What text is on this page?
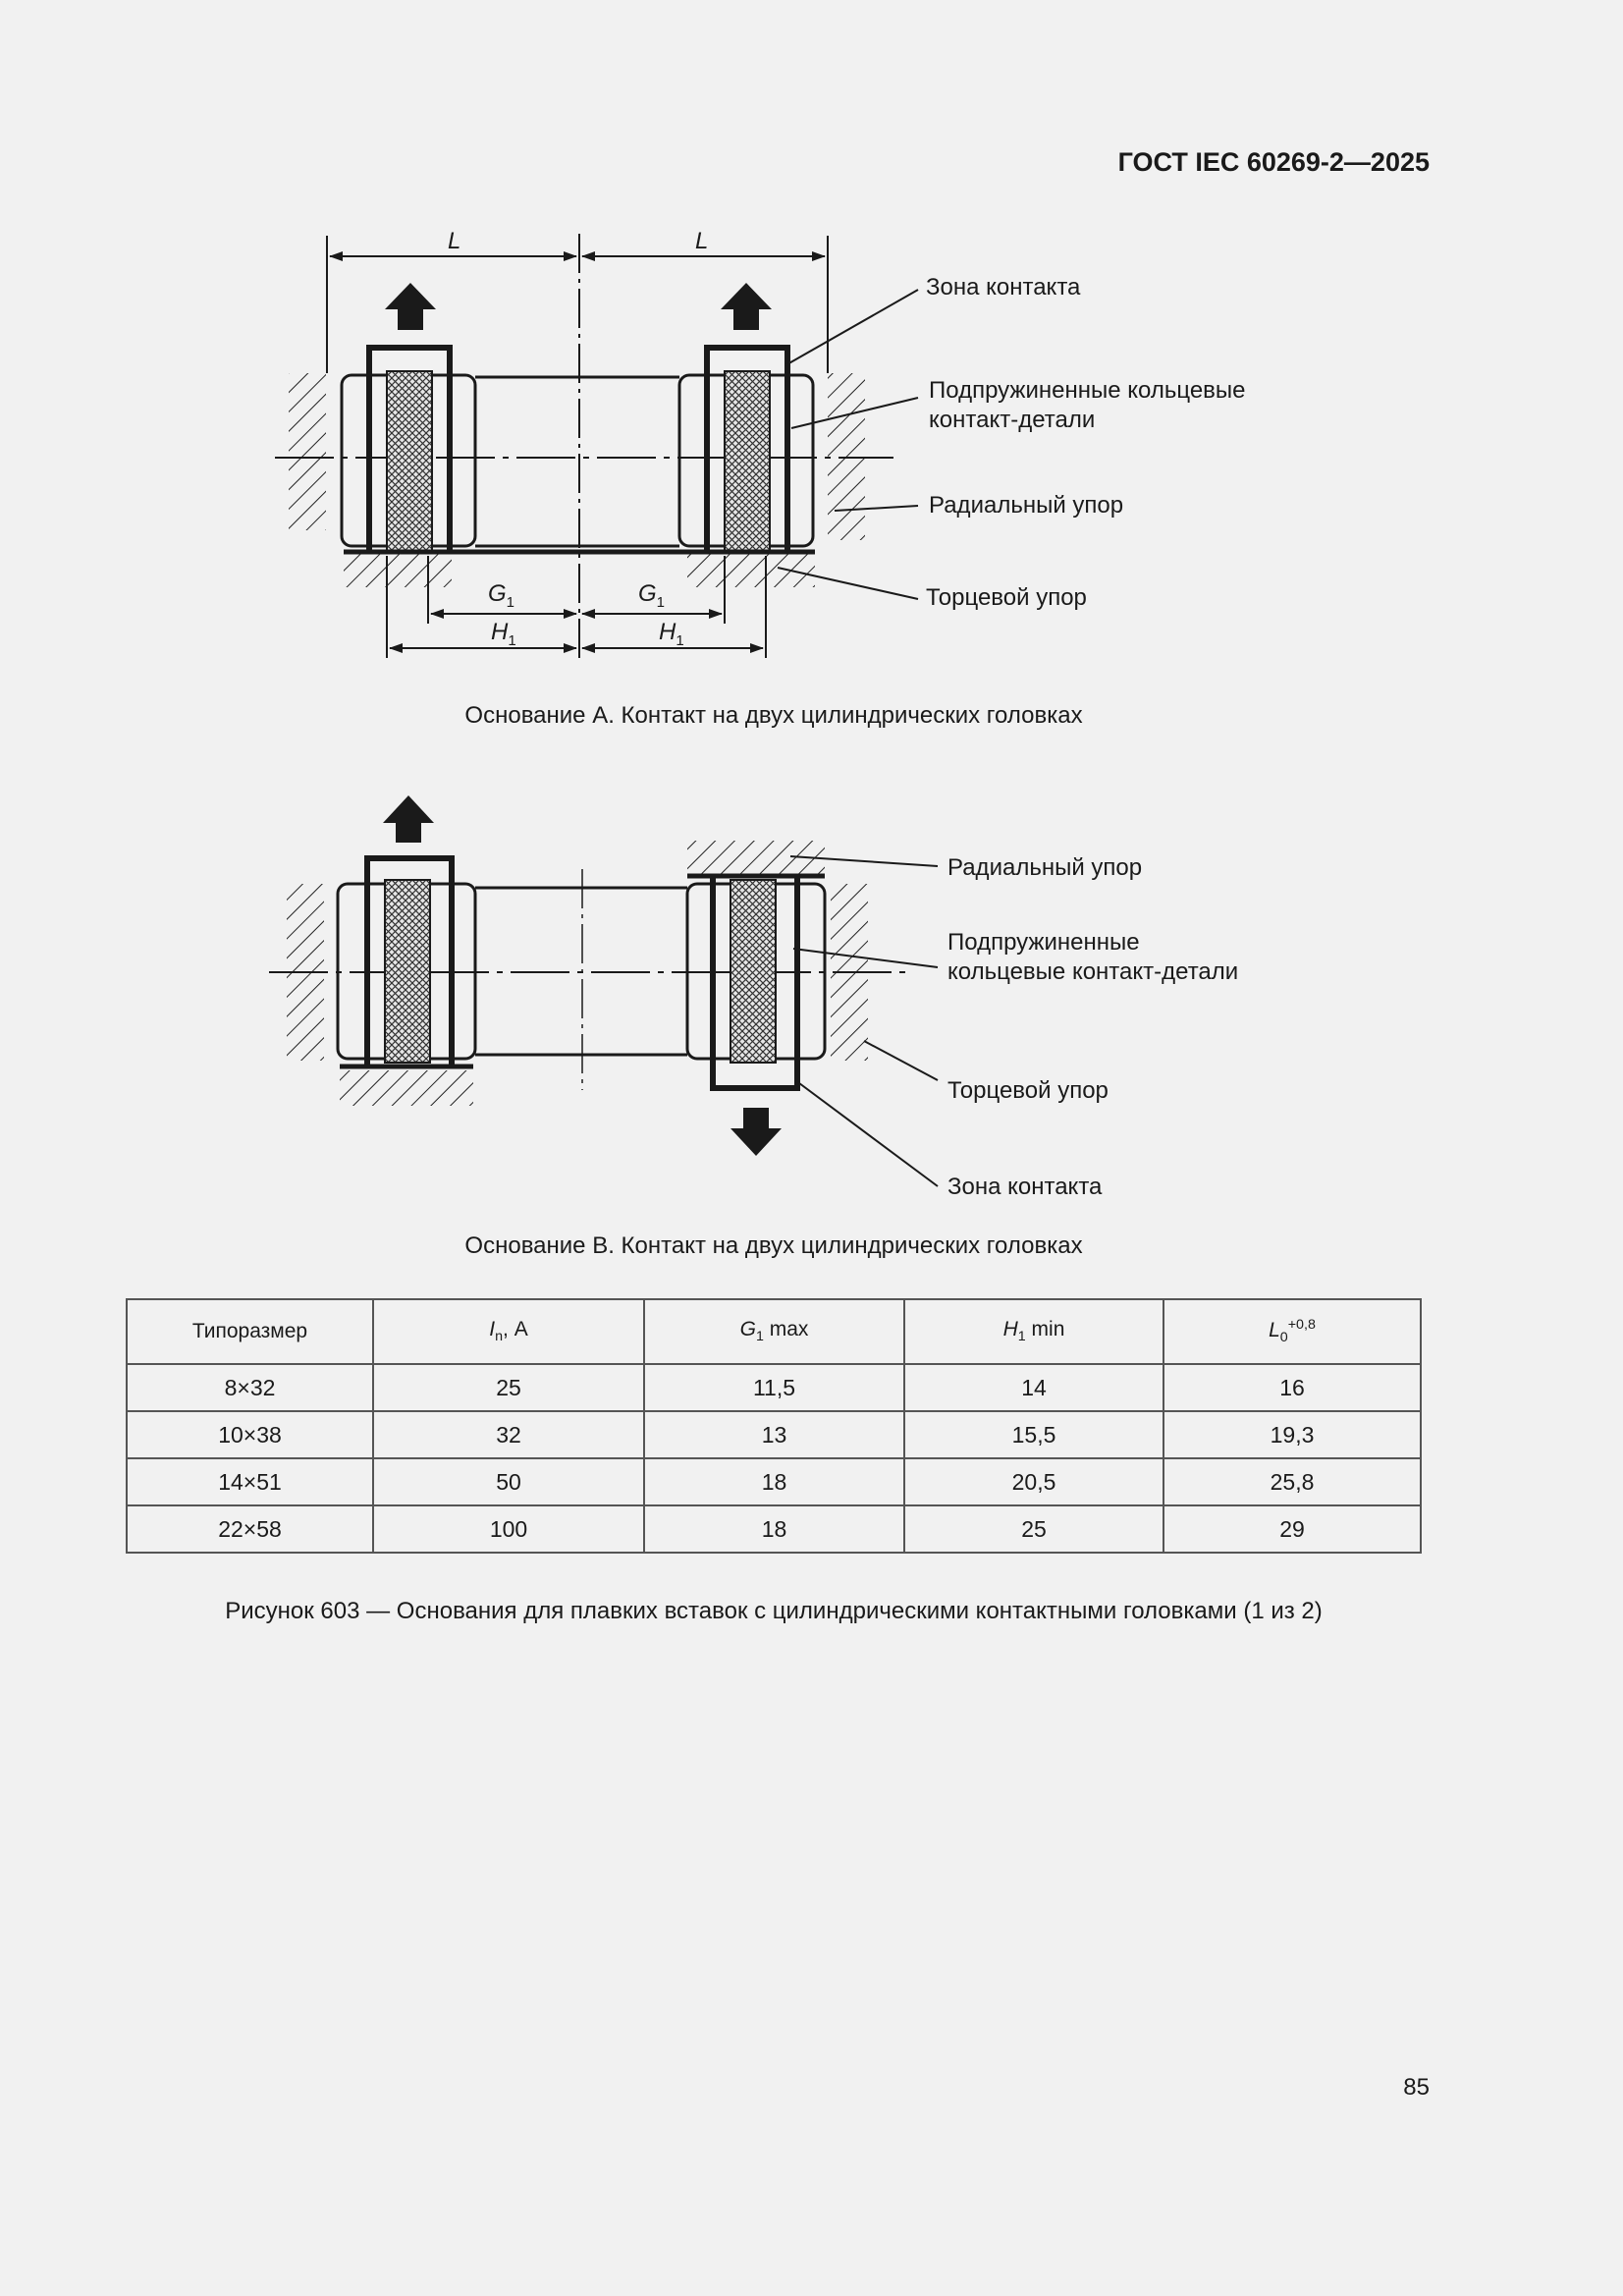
ГОСТ IEC 60269-2—2025
L	L
$G_1$	$G_1$
$H_1$	$H_1$
Зона контакта
Подпружиненные кольцевые
контакт-детали
Радиальный упор
Торцевой упор
Основание А. Контакт на двух цилиндрических головках
Радиальный упор
Подпружиненные
кольцевые контакт-детали
Торцевой упор
Зона контакта
Основание В. Контакт на двух цилиндрических головках
Типоразмер	$I_n$, А	$G_1$ max	$H_1$ min	$L_0^{+0,8}$
8×32	25	11,5	14	16
10×38	32	13	15,5	19,3
14×51	50	18	20,5	25,8
22×58	100	18	25	29
Рисунок 603 — Основания для плавких вставок с цилиндрическими контактными головками (1 из 2)
85
